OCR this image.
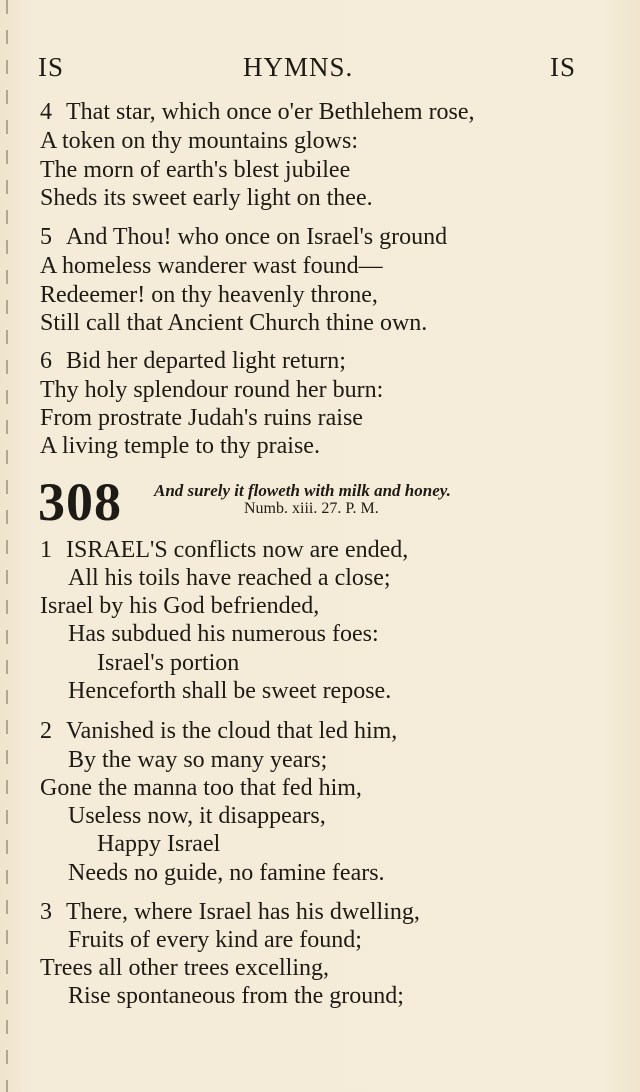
IS	HYMNS.	IS
4 That star, which once o'er Bethlehem rose,
A token on thy mountains glows:
The morn of earth's blest jubilee
Sheds its sweet early light on thee.
5 And Thou! who once on Israel's ground
A homeless wanderer wast found—
Redeemer! on thy heavenly throne,
Still call that Ancient Church thine own.
6 Bid her departed light return;
Thy holy splendour round her burn:
From prostrate Judah's ruins raise
A living temple to thy praise.
308 And surely it floweth with milk and honey.
Numb. xiii. 27. P. M.
1 ISRAEL'S conflicts now are ended,
All his toils have reached a close;
Israel by his God befriended,
Has subdued his numerous foes:
Israel's portion
Henceforth shall be sweet repose.
2 Vanished is the cloud that led him,
By the way so many years;
Gone the manna too that fed him,
Useless now, it disappears,
Happy Israel
Needs no guide, no famine fears.
3 There, where Israel has his dwelling,
Fruits of every kind are found;
Trees all other trees excelling,
Rise spontaneous from the ground;
